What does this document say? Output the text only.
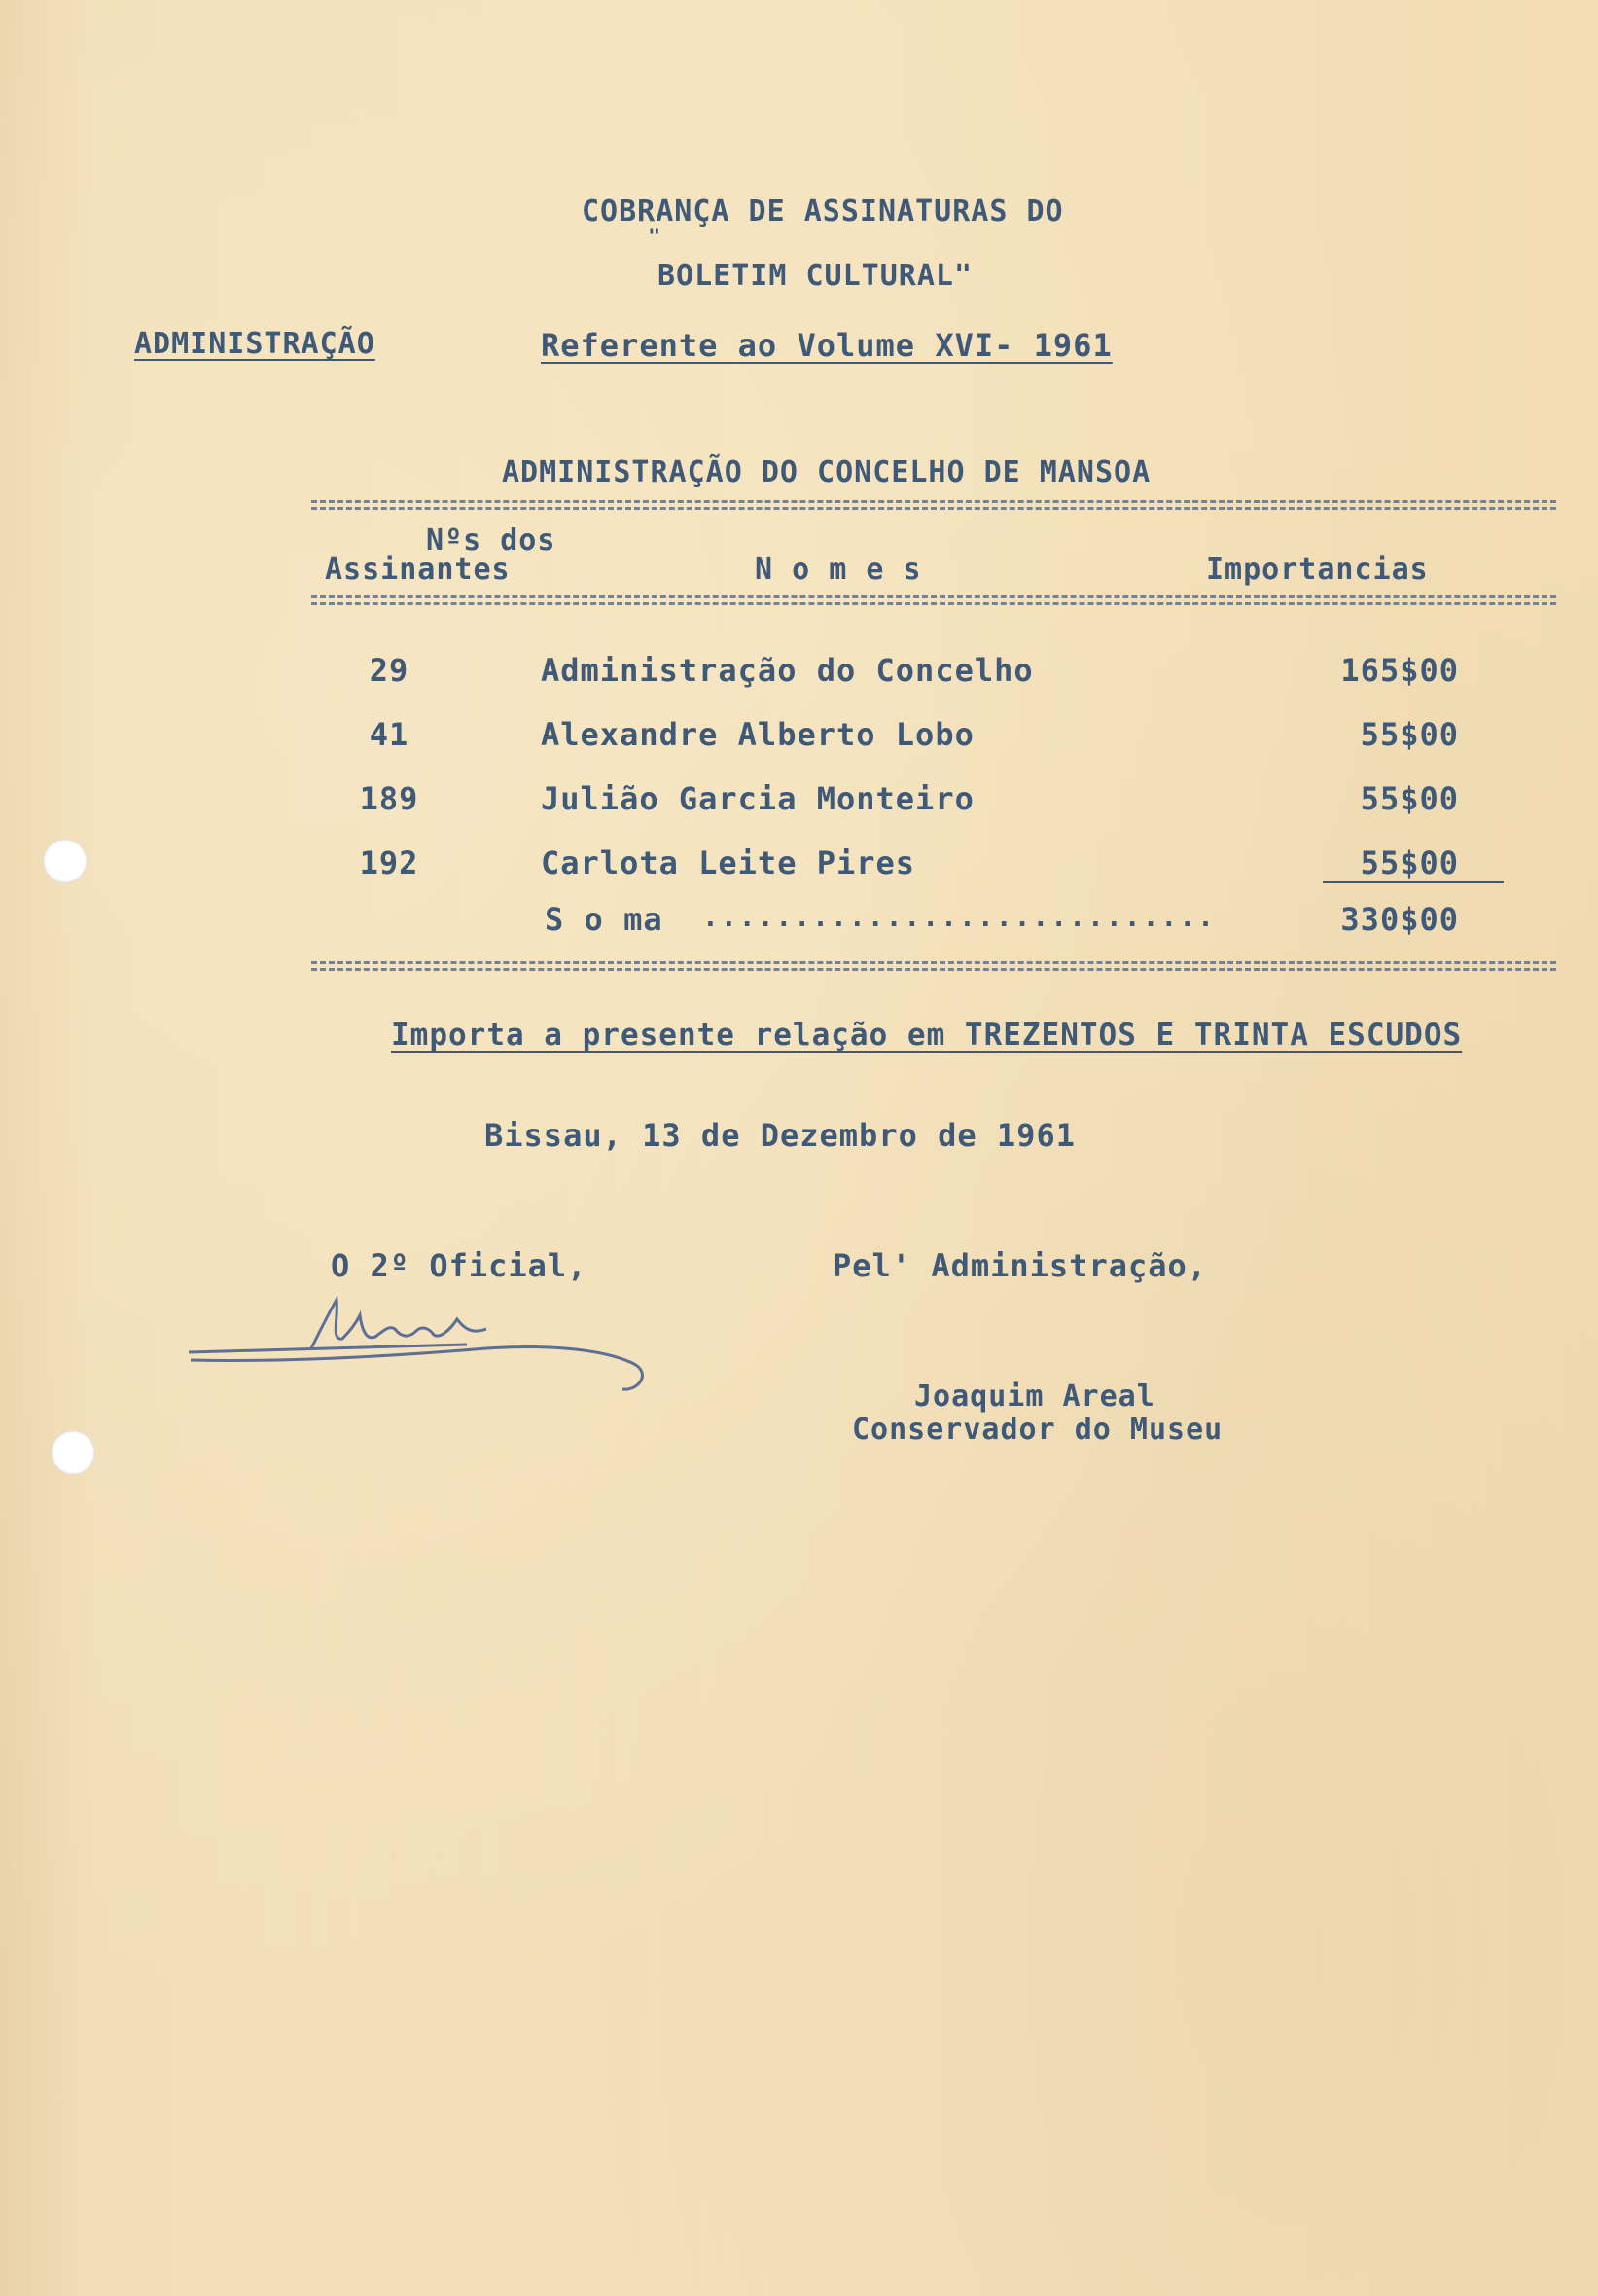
COBRANÇA DE ASSINATURAS DO
"
BOLETIM CULTURAL"
ADMINISTRAÇÃO	Referente ao Volume XVI- 1961
ADMINISTRAÇÃO DO CONCELHO DE MANSOA
Nºs dos
Assinantes	N o m e s	Importancias
29	Administração do Concelho	165$00
41	Alexandre Alberto Lobo	55$00
189	Julião Garcia Monteiro	55$00
192	Carlota Leite Pires	55$00
S o ma ............................	330$00
Importa a presente relação em TREZENTOS E TRINTA ESCUDOS
Bissau, 13 de Dezembro de 1961
O 2º Oficial,	Pel' Administração,
Joaquim Areal
Conservador do Museu
